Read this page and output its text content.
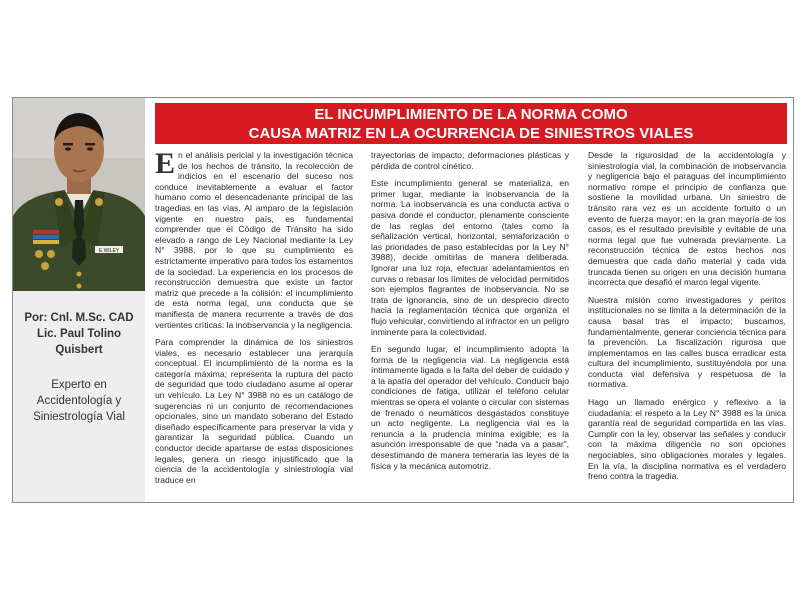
E.WILEY
Por: Cnl. M.Sc. CAD
Lic. Paul Tolino
Quisbert
Experto en
Accidentología y
Siniestrología Vial
EL INCUMPLIMIENTO DE LA NORMA COMO
CAUSA MATRIZ EN LA OCURRENCIA DE SINIESTROS VIALES

En el análisis pericial y la investigación técnica de los hechos de tránsito, la recolección de indicios en el escenario del suceso nos conduce inevitablemente a evaluar el factor humano como el desencadenante principal de las tragedias en las vías. Al amparo de la legislación vigente en nuestro país, es fundamental comprender que el Código de Tránsito ha sido elevado a rango de Ley Nacional mediante la Ley N° 3988, por lo que su cumplimiento es estrictamente imperativo para todos los estamentos de la sociedad. La experiencia en los procesos de reconstrucción demuestra que existe un factor matriz que precede a la colisión: el incumplimiento de esta norma legal, una conducta que se manifiesta de manera recurrente a través de dos vertientes críticas: la inobservancia y la negligencia.

Para comprender la dinámica de los siniestros viales, es necesario establecer una jerarquía conceptual. El incumplimiento de la norma es la categoría máxima; representa la ruptura del pacto de seguridad que todo ciudadano asume al operar un vehículo. La Ley N° 3988 no es un catálogo de sugerencias ni un conjunto de recomendaciones opcionales, sino un mandato soberano del Estado diseñado específicamente para preservar la vida y garantizar la seguridad pública. Cuando un conductor decide apartarse de estas disposiciones legales, genera un riesgo injustificado que la ciencia de la accidentología y siniestrología vial traduce en

trayectorias de impacto, deformaciones plásticas y pérdida de control cinético.

Este incumplimiento general se materializa, en primer lugar, mediante la inobservancia de la norma. La inobservancia es una conducta activa o pasiva donde el conductor, plenamente consciente de las reglas del entorno (tales como la señalización vertical, horizontal, semaforización o las prioridades de paso establecidas por la Ley N° 3988), decide omitirlas de manera deliberada. Ignorar una luz roja, efectuar adelantamientos en curvas o rebasar los límites de velocidad permitidos son ejemplos flagrantes de inobservancia. No se trata de ignorancia, sino de un desprecio directo hacia la reglamentación técnica que organiza el flujo vehicular, convirtiendo al infractor en un peligro inminente para la colectividad.

En segundo lugar, el incumplimiento adopta la forma de la negligencia vial. La negligencia está íntimamente ligada a la falta del deber de cuidado y a la apatía del operador del vehículo. Conducir bajo condiciones de fatiga, utilizar el teléfono celular mientras se opera el volante o circular con sistemas de frenado o neumáticos desgastados constituye un acto negligente. La negligencia vial es la renuncia a la prudencia mínima exigible; es la asunción irresponsable de que “nada va a pasar”, desestimando de manera temeraria las leyes de la física y la mecánica automotriz.

Desde la rigurosidad de la accidentología y siniestrología vial, la combinación de inobservancia y negligencia bajo el paraguas del incumplimiento normativo rompe el principio de confianza que sostiene la movilidad urbana. Un siniestro de tránsito rara vez es un accidente fortuito o un evento de fuerza mayor; en la gran mayoría de los casos, es el resultado previsible y evitable de una norma legal que fue vulnerada previamente. La reconstrucción técnica de estos hechos nos demuestra que cada daño material y cada vida truncada tienen su origen en una decisión humana incorrecta que desafió el marco legal vigente.

Nuestra misión como investigadores y peritos institucionales no se limita a la determinación de la causa basal tras el impacto; buscamos, fundamentalmente, generar conciencia técnica para la prevención. La fiscalización rigurosa que implementamos en las calles busca erradicar esta cultura del incumplimiento, sustituyéndola por una conducta vial defensiva y respetuosa de la normativa.

Hago un llamado enérgico y reflexivo a la ciudadanía: el respeto a la Ley N° 3988 es la única garantía real de seguridad compartida en las vías. Cumplir con la ley, observar las señales y conducir con la máxima diligencia no son opciones negociables, sino obligaciones morales y legales. En la vía, la disciplina normativa es el verdadero freno contra la tragedia.
